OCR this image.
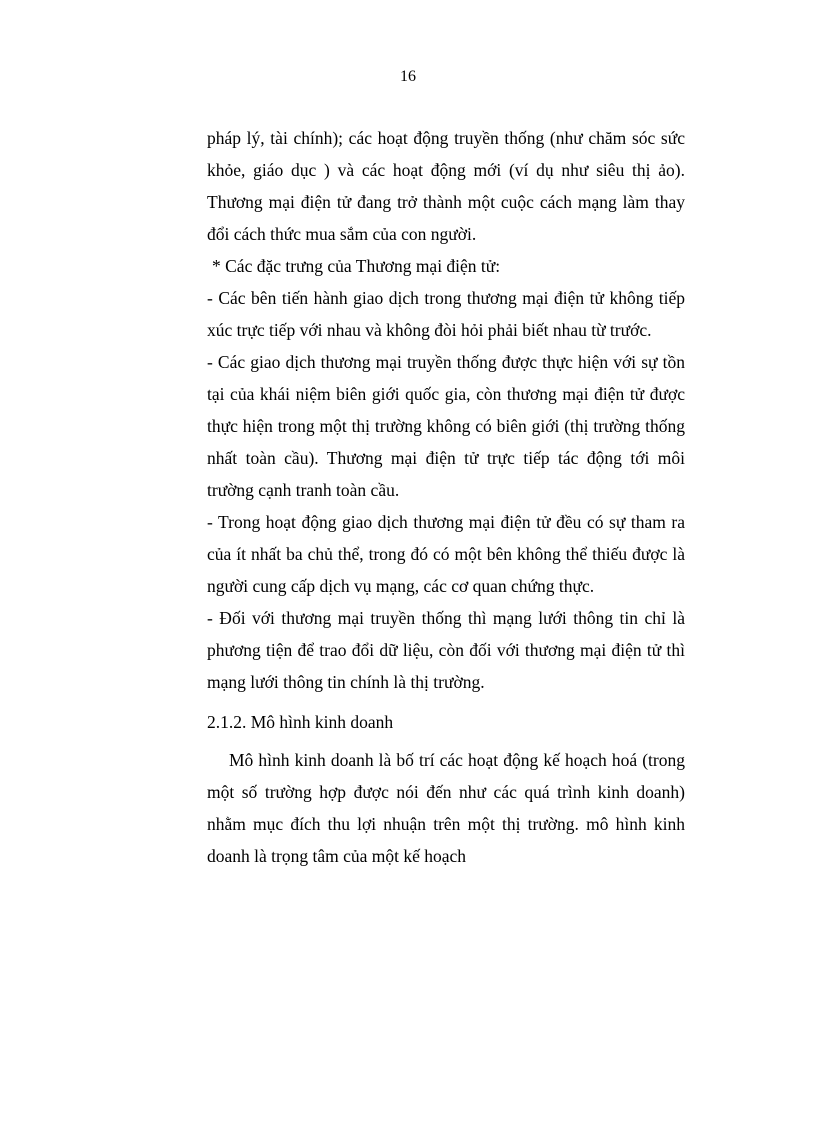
16

pháp lý, tài chính); các hoạt động truyền thống (như chăm sóc sức khỏe, giáo dục ) và các hoạt động mới (ví dụ như siêu thị ảo). Thương mại điện tử đang trở thành một cuộc cách mạng làm thay đổi cách thức mua sắm của con người.

* Các đặc trưng của Thương mại điện tử:

- Các bên tiến hành giao dịch trong thương mại điện tử không tiếp xúc trực tiếp với nhau và không đòi hỏi phải biết nhau từ trước.

- Các giao dịch thương mại truyền thống được thực hiện với sự tồn tại của khái niệm biên giới quốc gia, còn thương mại điện tử được thực hiện trong một thị trường không có biên giới (thị trường thống nhất toàn cầu). Thương mại điện tử trực tiếp tác động tới môi trường cạnh tranh toàn cầu.

- Trong hoạt động giao dịch thương mại điện tử đều có sự tham ra của ít nhất ba chủ thể, trong đó có một bên không thể thiếu được là người cung cấp dịch vụ mạng, các cơ quan chứng thực.

- Đối với thương mại truyền thống thì mạng lưới thông tin chỉ là phương tiện để trao đổi dữ liệu, còn đối với thương mại điện tử thì mạng lưới thông tin chính là thị trường.

2.1.2. Mô hình kinh doanh

Mô hình kinh doanh là bố trí các hoạt động kế hoạch hoá (trong một số trường hợp được nói đến như các quá trình kinh doanh) nhằm mục đích thu lợi nhuận trên một thị trường. mô hình kinh doanh là trọng tâm của một kế hoạch
